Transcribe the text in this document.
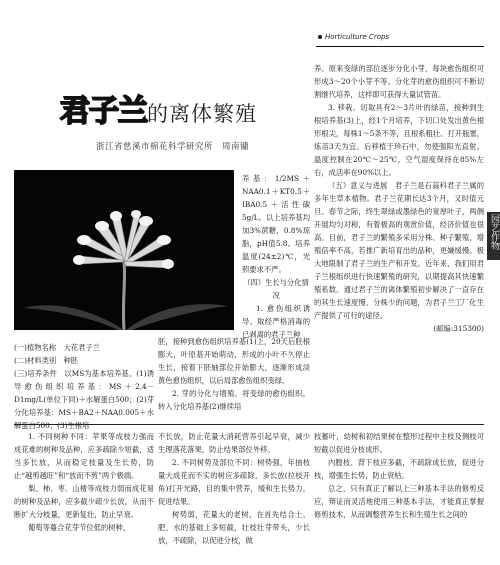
Horticulture Crops
园艺作物
君子兰的离体繁殖
浙江省慈溪市棉花科学研究所　周南镛

养。原来变绿的部位逐步分化小芽，每块愈伤组织可形成3～20个小芽不等。分化芽的愈伤组织可不断切割继代培养，这样即可获得大量试管苗。

3. 移栽。切取具有2～3片叶的绿苗，接种到生根培养基(3)上，经1个月培养，下切口处发出黄色根形根尖，每株1～5条不等，且根系粗壮。打开瓶塞，炼苗3天为宜。后移植于珍石中，勿使强阳光直射。温度控制在20℃～25℃，空气湿度保持在85%左右，成活率在90%以上。

（五）意义与进展　君子兰是石蒜科君子兰属的多年生草本植物。君子兰花期长达3个月，又时值元旦、春节之际，终生翠绿或墨绿色的宽厚叶子，两侧开展均匀对称，有着极高的观赏价值，经济价值也很高。目前，君子兰的繁殖多采用分株、种子繁殖，增殖倍率不高，若推广新培育出的品种，更嫌缓慢。极大地限制了君子兰的生产和开发。近年来，我们用君子兰根组织进行快速繁殖的研究，以期提高其快速繁殖系数。通过君子兰的离体繁殖初步解决了一直存在的其生长速度慢、分株少的问题，为君子兰工厂化生产提供了可行的途径。

(邮编:315300)

养基：1/2MS＋NAA0.1＋KT0.5＋IBA0.5＋活性碳5g/L。以上培养基均加3%蔗糖，0.8%琼脂，pH值5.8。培养温度(24±2)℃，光照要求不严。

（四）生长与分化情况

1. 愈伤组织诱导。取经严格消毒的已剥离的君子兰种

胚，接种到愈伤组织培养基(1)上，20天后胚根膨大，叶原基开始萌动，形成的小叶不久停止生长，接着下胚轴部位开始膨大，逐渐形成淡黄色愈伤组织，以后局部愈伤组织变绿。

2. 芽的分化与增殖。将变绿的愈伤组织，转入分化培养基(2)继续培

(一)植物名称　大花君子兰

(二)材料类别　种胚

(三)培养条件　以MS为基本培养基。(1)诱导愈伤组织培养基：MS＋2,4－D1mg/L(单位下同)＋水解蛋白500；(2)芽分化培养基：MS＋BA2＋NAA0.005＋水解蛋白500；(3)生根培

1. 不同树种不同：苹果等成枝力强而成花难的树种及品种，应多疏除少短截，适当多长放，从而稳定枝量及生长势，防止“越剪越旺”和“放而不剪”两个极端。

梨、柿、枣、山楂等成枝力弱而成花易的树种及品种，应多截少疏少长放，从而不断扩大分枝量，更新复壮，防止早衰。

葡萄等蔓合花芽节位低的树种，

不长放，防止花量大消耗营养引起早衰，减少生理落花落果，防止结果部位外移。

2. 不同树势及部位不同：树势强，年抽枝量大成花而不实的树应多疏除，多长放(拉枝开角)打开光路，目的集中营养，缓和生长势力，促进结果。

树势弱，花量大的老树，在首先结合土、肥、水的基础上多短截，壮枝壮芽带头，少长放，不疏除，以促进分枝，做

枝蓄叶，幼树和初结果树在整形过程中主枝及侧枝可短截以促进分枝成形。

内膛枝、背下枝应多截，不疏除成长放，促进分枝，增强生长势，防止衰枯。

总之，只有真正了解以上三种基本手法的修剪反应，辩证而灵活地使用三种基本手法，才能真正掌握修剪技术，从而调整营养生长和生殖生长之间的
